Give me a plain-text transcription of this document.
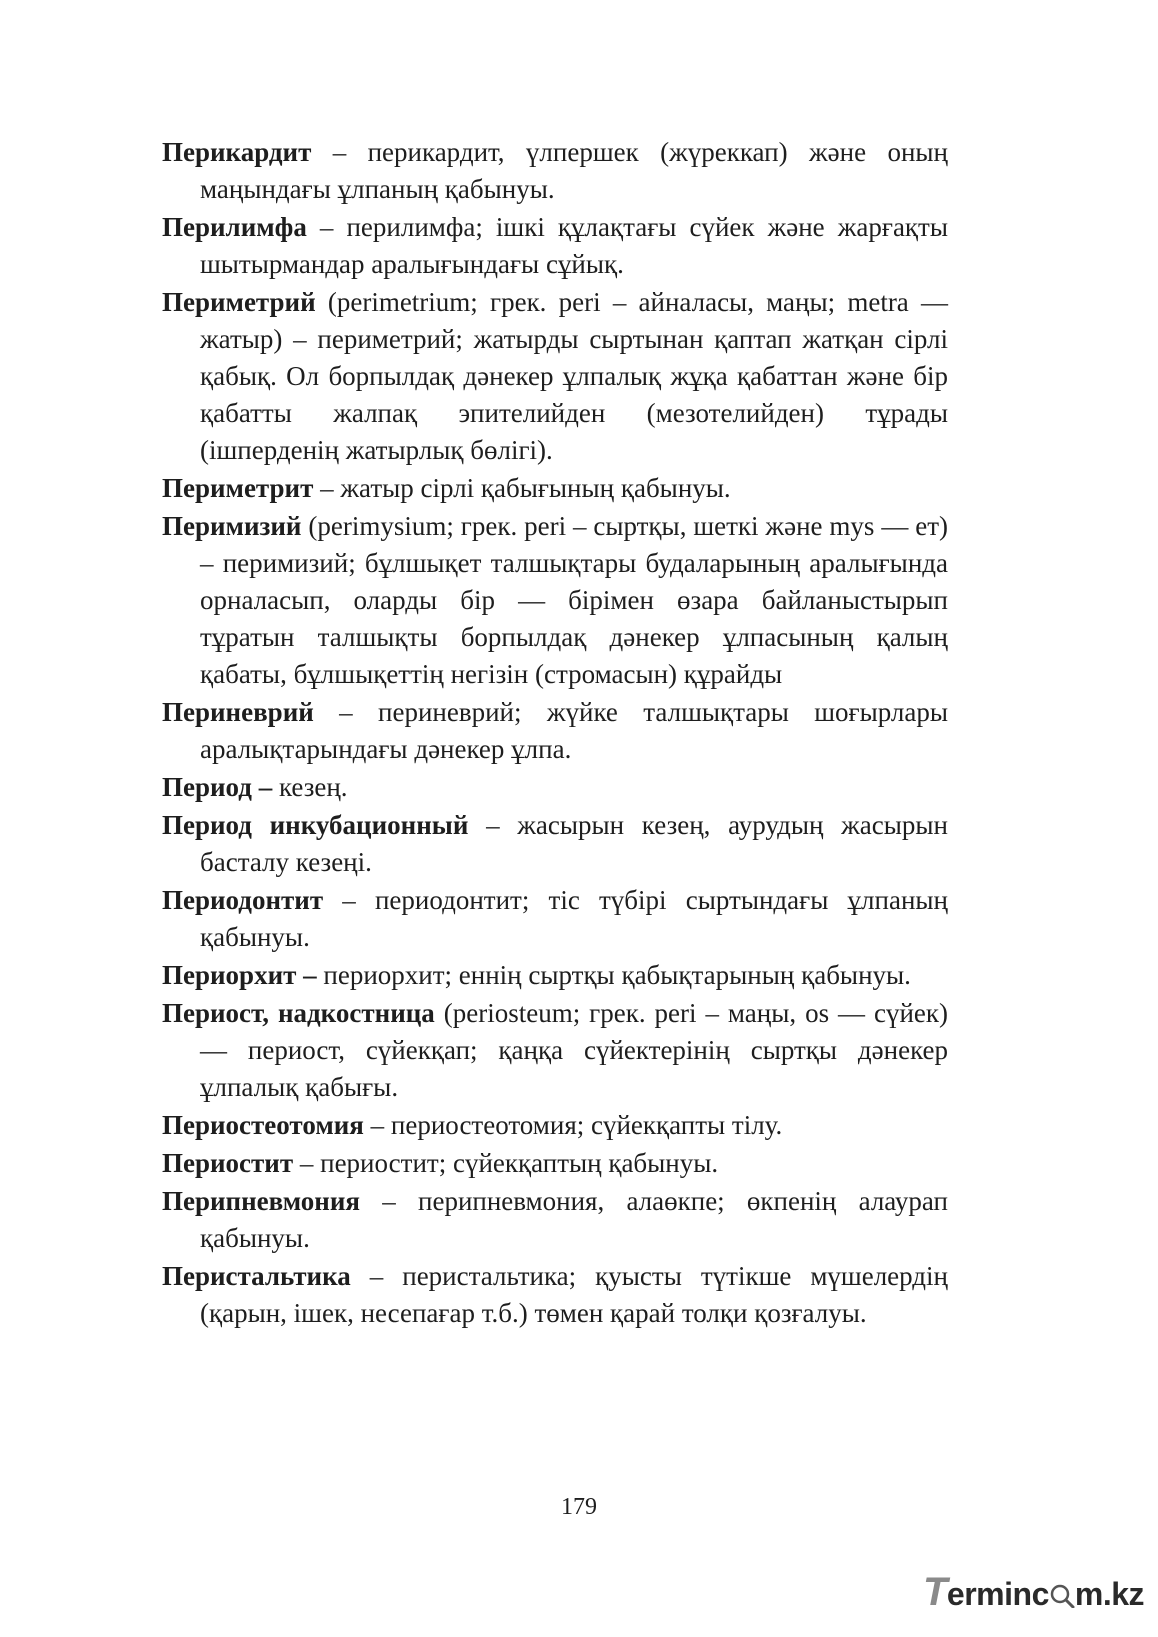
Перикардит – перикардит, үлпершек (жүреккап) және оның маңындағы ұлпаның қабынуы.

Перилимфа – перилимфа; ішкі құлақтағы сүйек және жарғақты шытырмандар аралығындағы сұйық.

Периметрий (perimetrium; грек. peri – айналасы, маңы; metra — жатыр) – периметрий; жатырды сыртынан қаптап жатқан сірлі қабық. Ол борпылдақ дәнекер ұлпалық жұқа қабаттан және бір қабатты жалпақ эпителийден (мезотелийден) тұрады (ішперденің жатырлық бөлігі).

Периметрит – жатыр сірлі қабығының қабынуы.

Перимизий (perimysium; грек. peri – сыртқы, шеткі және mys — ет) – перимизий; бұлшықет талшықтары будаларының аралығында орналасып, оларды бір — бірімен өзара байланыстырып тұратын талшықты борпылдақ дәнекер ұлпасының қалың қабаты, бұлшықеттің негізін (стромасын) құрайды

Периневрий – периневрий; жүйке талшықтары шоғырлары аралықтарындағы дәнекер ұлпа.

Период – кезең.

Период инкубационный – жасырын кезең, аурудың жасырын басталу кезеңі.

Периодонтит – периодонтит; тіс түбірі сыртындағы ұлпаның қабынуы.

Периорхит – периорхит; еннің сыртқы қабықтарының қабынуы.

Периост, надкостница (periosteum; грек. peri – маңы, os — сүйек) — периост, сүйекқап; қаңқа сүйектерінің сыртқы дәнекер ұлпалық қабығы.

Периостеотомия – периостеотомия; сүйекқапты тілу.

Периостит – периостит; сүйекқаптың қабынуы.

Перипневмония – перипневмония, алаөкпе; өкпенің алаурап қабынуы.

Перистальтика – перистальтика; қуысты түтікше мүшелердің (қарын, ішек, несепағар т.б.) төмен қарай толқи қозғалуы.

179
Terminc m.kz
